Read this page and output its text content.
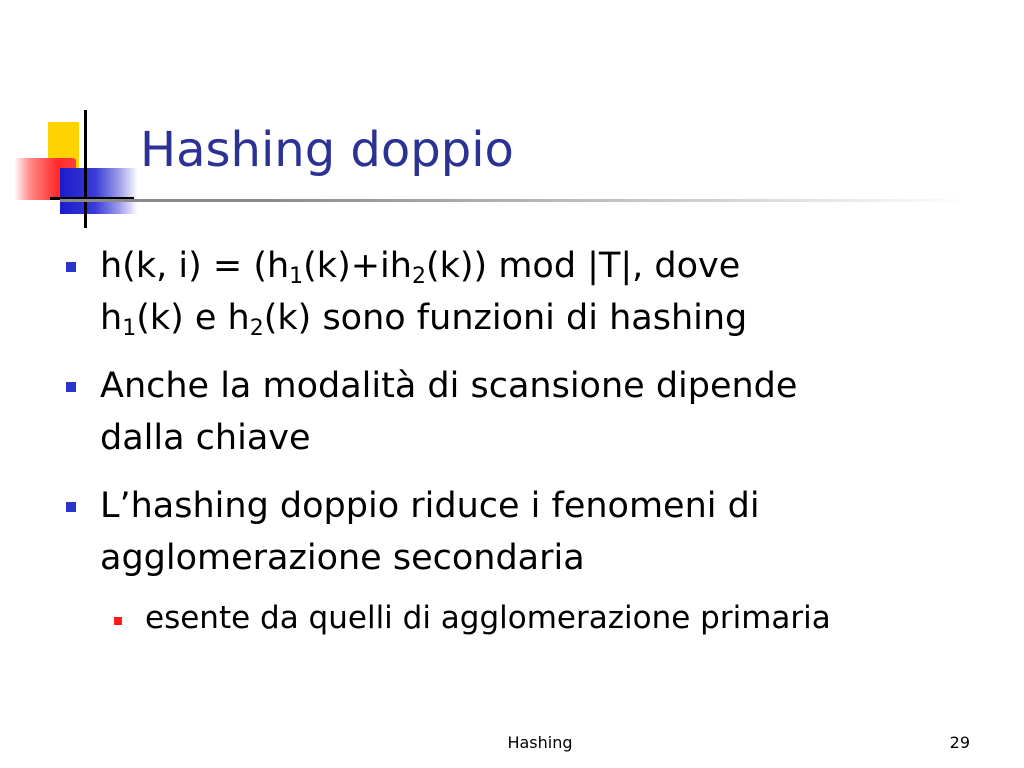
Hashing doppio
h(k, $i) = (h_1(k)+ih_2(k))$ mod |T|, dove
$h_1(k)$ e $h_2(k)$ sono funzioni di hashing
Anche la modalità di scansione dipende
dalla chiave
L’hashing doppio riduce i fenomeni di
agglomerazione secondaria
esente da quelli di agglomerazione primaria
Hashing	29
